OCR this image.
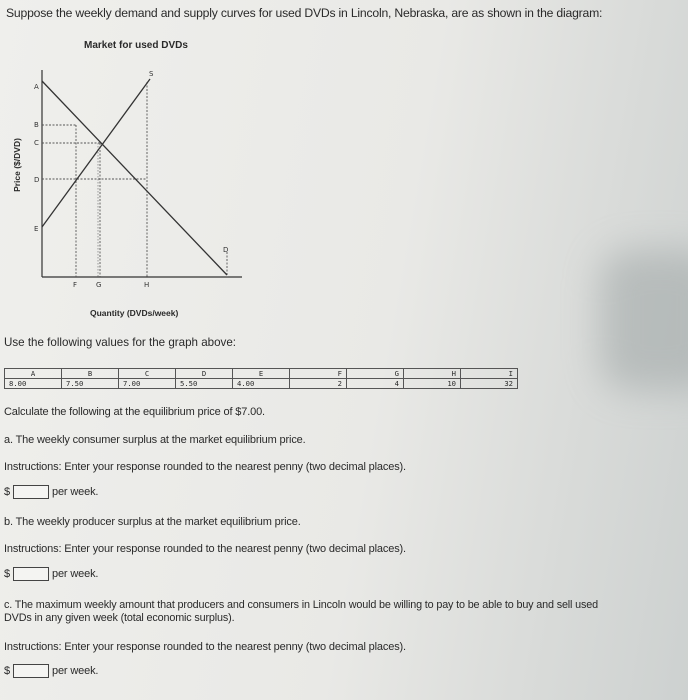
Suppose the weekly demand and supply curves for used DVDs in Lincoln, Nebraska, are as shown in the diagram:
Market for used DVDs
Price ($/DVD)
S
D
A
B
C
D
E
F	G	H
Quantity (DVDs/week)
Use the following values for the graph above:
A	B	C	D	E	F	G	H	I
8.00	7.50	7.00	5.50	4.00	2	4	10	32
Calculate the following at the equilibrium price of $7.00.
a. The weekly consumer surplus at the market equilibrium price.
Instructions: Enter your response rounded to the nearest penny (two decimal places).
$	per week.
b. The weekly producer surplus at the market equilibrium price.
Instructions: Enter your response rounded to the nearest penny (two decimal places).
$	per week.
c. The maximum weekly amount that producers and consumers in Lincoln would be willing to pay to be able to buy and sell used
DVDs in any given week (total economic surplus).
Instructions: Enter your response rounded to the nearest penny (two decimal places).
$	per week.
